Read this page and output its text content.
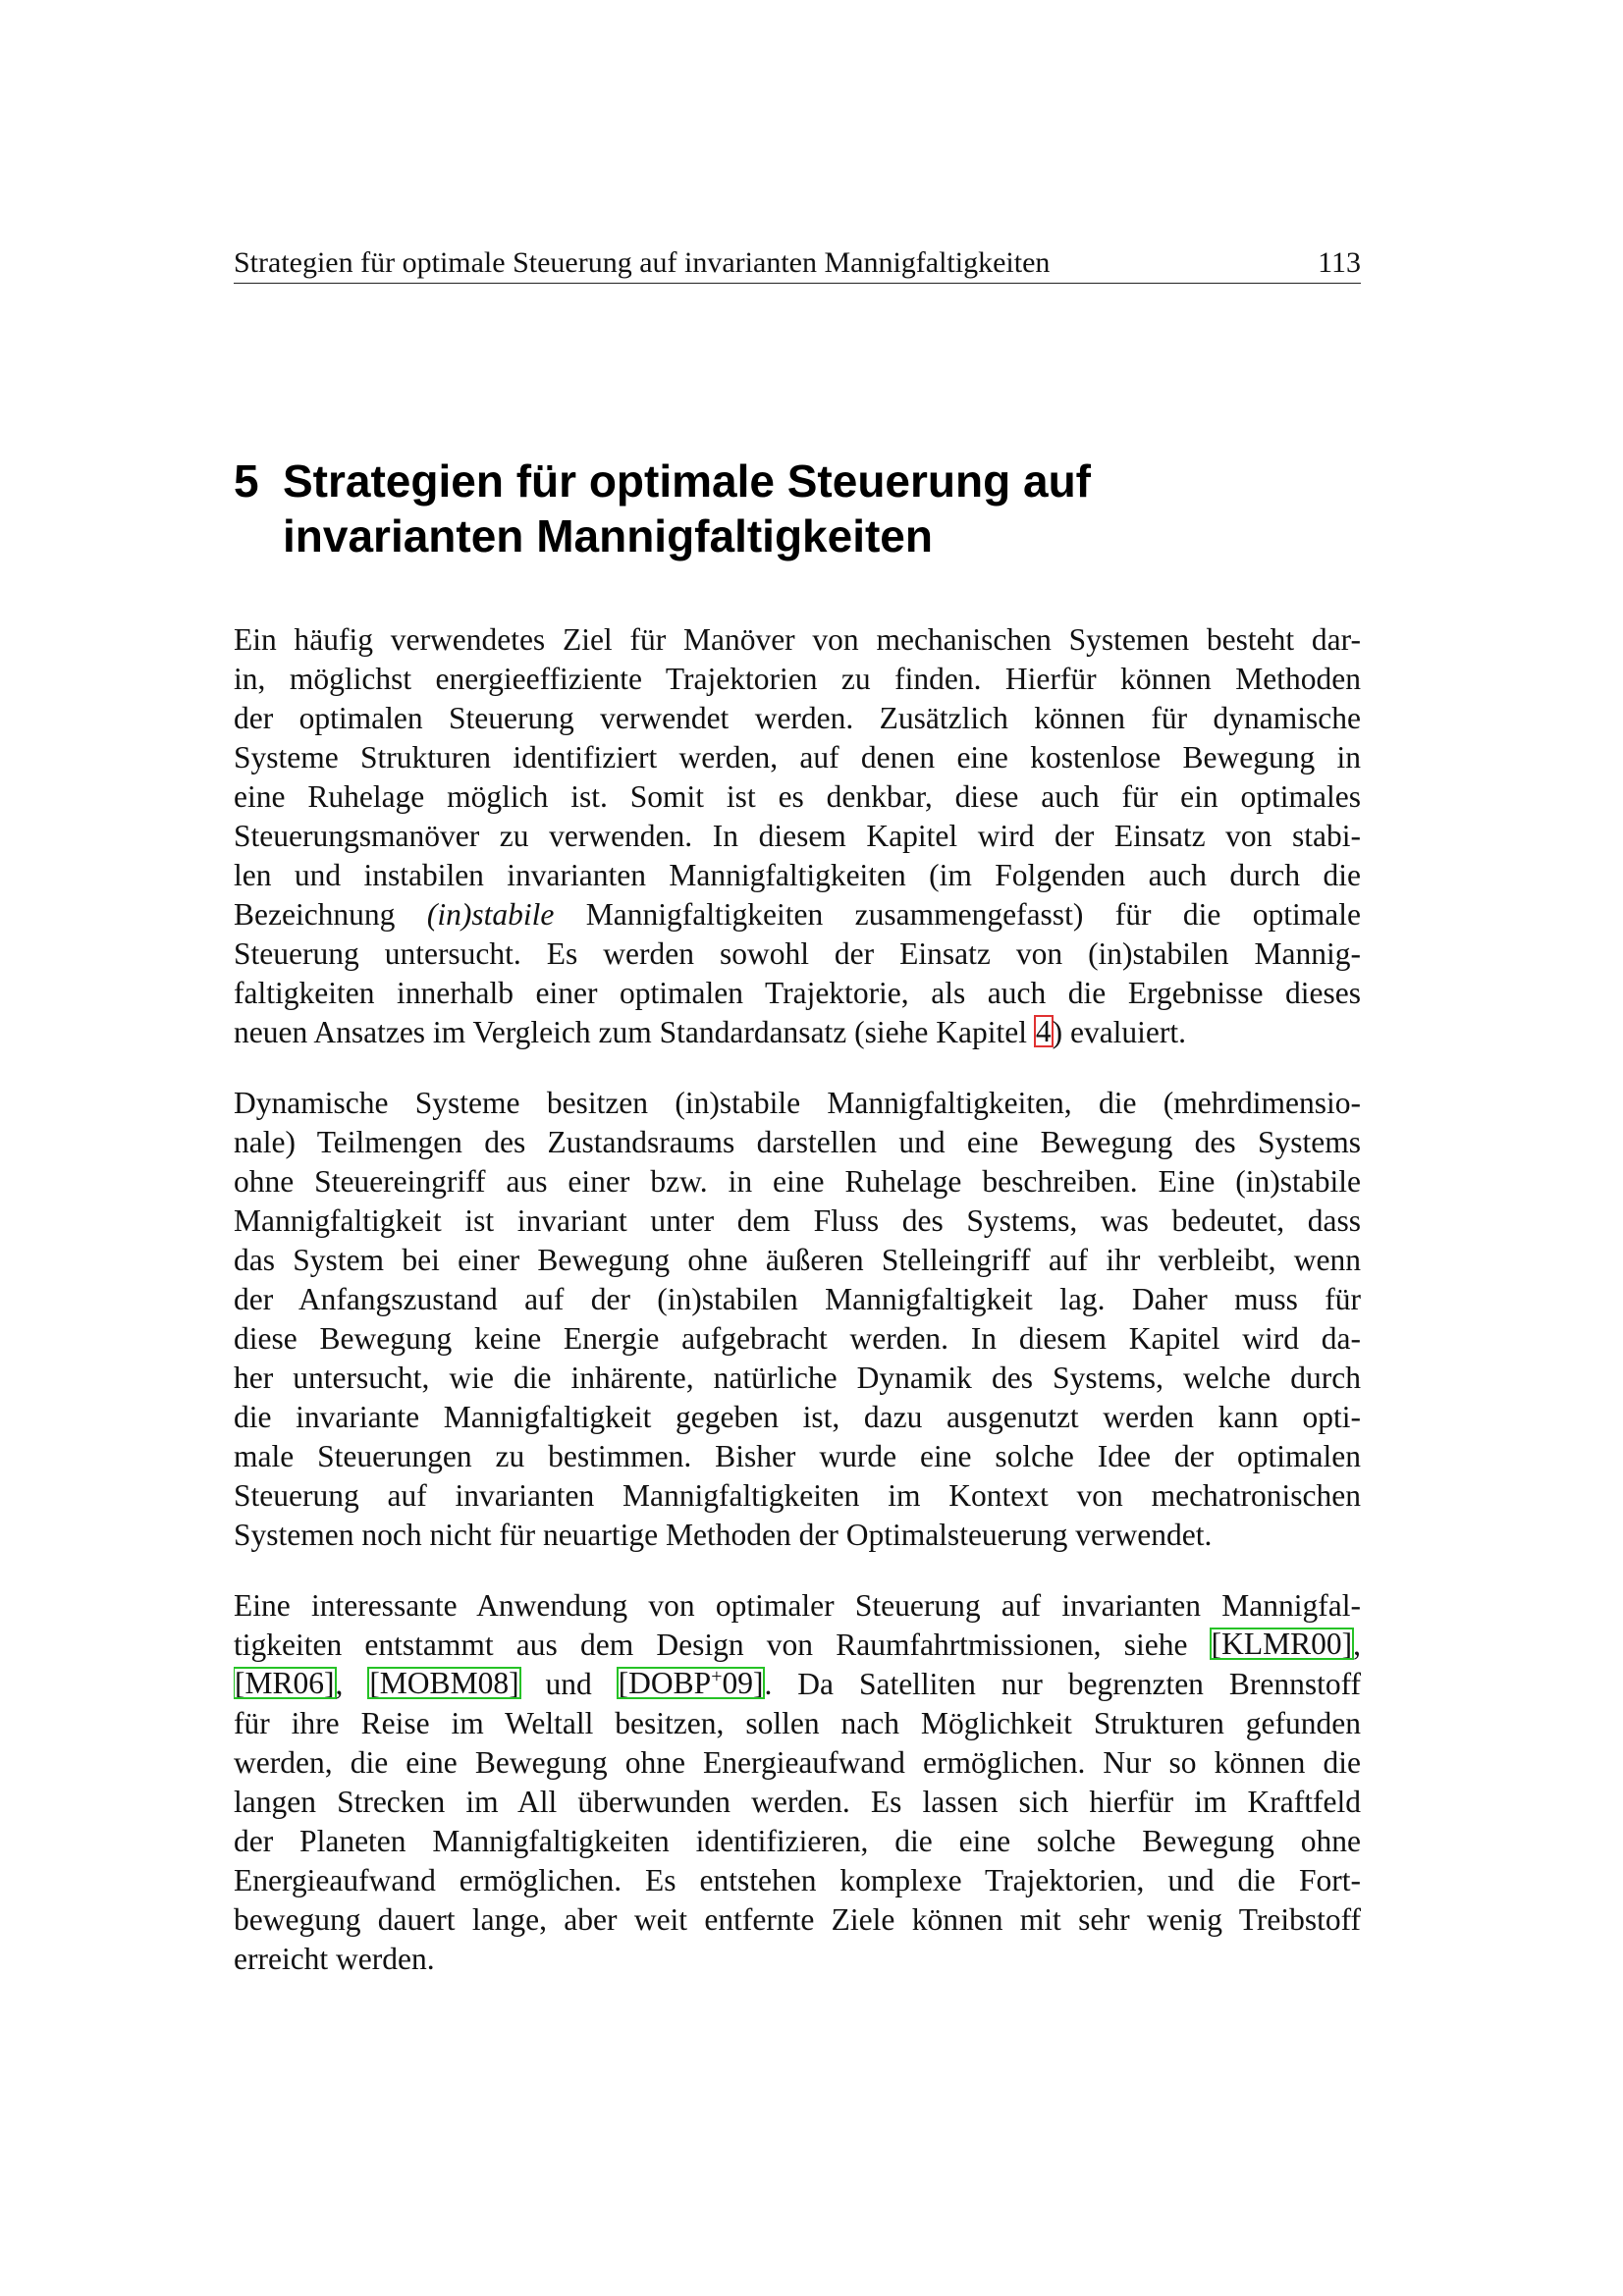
Strategien für optimale Steuerung auf invarianten Mannigfaltigkeiten	113
5 Strategien für optimale Steuerung auf
invarianten Mannigfaltigkeiten

Ein häufig verwendetes Ziel für Manöver von mechanischen Systemen besteht dar-
in, möglichst energieeffiziente Trajektorien zu finden. Hierfür können Methoden
der optimalen Steuerung verwendet werden. Zusätzlich können für dynamische
Systeme Strukturen identifiziert werden, auf denen eine kostenlose Bewegung in
eine Ruhelage möglich ist. Somit ist es denkbar, diese auch für ein optimales
Steuerungsmanöver zu verwenden. In diesem Kapitel wird der Einsatz von stabi-
len und instabilen invarianten Mannigfaltigkeiten (im Folgenden auch durch die
Bezeichnung (in)stabile Mannigfaltigkeiten zusammengefasst) für die optimale
Steuerung untersucht. Es werden sowohl der Einsatz von (in)stabilen Mannig-
faltigkeiten innerhalb einer optimalen Trajektorie, als auch die Ergebnisse dieses
neuen Ansatzes im Vergleich zum Standardansatz (siehe Kapitel 4) evaluiert.

Dynamische Systeme besitzen (in)stabile Mannigfaltigkeiten, die (mehrdimensio-
nale) Teilmengen des Zustandsraums darstellen und eine Bewegung des Systems
ohne Steuereingriff aus einer bzw. in eine Ruhelage beschreiben. Eine (in)stabile
Mannigfaltigkeit ist invariant unter dem Fluss des Systems, was bedeutet, dass
das System bei einer Bewegung ohne äußeren Stelleingriff auf ihr verbleibt, wenn
der Anfangszustand auf der (in)stabilen Mannigfaltigkeit lag. Daher muss für
diese Bewegung keine Energie aufgebracht werden. In diesem Kapitel wird da-
her untersucht, wie die inhärente, natürliche Dynamik des Systems, welche durch
die invariante Mannigfaltigkeit gegeben ist, dazu ausgenutzt werden kann opti-
male Steuerungen zu bestimmen. Bisher wurde eine solche Idee der optimalen
Steuerung auf invarianten Mannigfaltigkeiten im Kontext von mechatronischen
Systemen noch nicht für neuartige Methoden der Optimalsteuerung verwendet.

Eine interessante Anwendung von optimaler Steuerung auf invarianten Mannigfal-
tigkeiten entstammt aus dem Design von Raumfahrtmissionen, siehe [KLMR00],
[MR06], [MOBM08] und [DOBP+09]. Da Satelliten nur begrenzten Brennstoff
für ihre Reise im Weltall besitzen, sollen nach Möglichkeit Strukturen gefunden
werden, die eine Bewegung ohne Energieaufwand ermöglichen. Nur so können die
langen Strecken im All überwunden werden. Es lassen sich hierfür im Kraftfeld
der Planeten Mannigfaltigkeiten identifizieren, die eine solche Bewegung ohne
Energieaufwand ermöglichen. Es entstehen komplexe Trajektorien, und die Fort-
bewegung dauert lange, aber weit entfernte Ziele können mit sehr wenig Treibstoff
erreicht werden.
